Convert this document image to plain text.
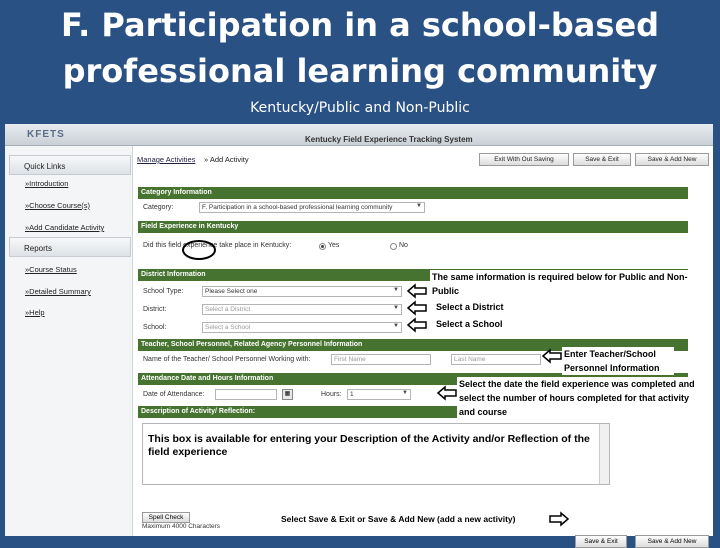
F. Participation in a school-based
professional learning community
Kentucky/Public and Non-Public
KFETS	Kentucky Field Experience Tracking System
Quick Links
»Introduction
»Choose Course(s)
»Add Candidate Activity
Reports
»Course Status
»Detailed Summary
»Help
Manage Activities » Add Activity	Exit With Out Saving	Save & Exit	Save & Add New
Category Information
Category:	F. Participation in a school-based professional learning community	▼
Field Experience in Kentucky
Did this field experience take place in Kentucky:	Yes	No
District Information
School Type:	Please Select one	▼
District:	Select a District	▼
School:	Select a School	▼
Teacher, School Personnel, Related Agency Personnel Information
Name of the Teacher/ School Personnel Working with:	First Name	Last Name
Attendance Date and Hours Information
Date of Attendance:	▦	Hours:	1	▼
Description of Activity/ Reflection:
This box is available for entering your Description of the Activity and/or Reflection of the field experience
Spell Check
Maximum 4000 Characters
Save & Exit	Save & Add New
The same information is required below for Public and Non-Public
Select a District
Select a School
Enter Teacher/School Personnel Information
Select the date the field experience was completed and select the number of hours completed for that activity and course
Select Save & Exit or Save & Add New (add a new activity)
